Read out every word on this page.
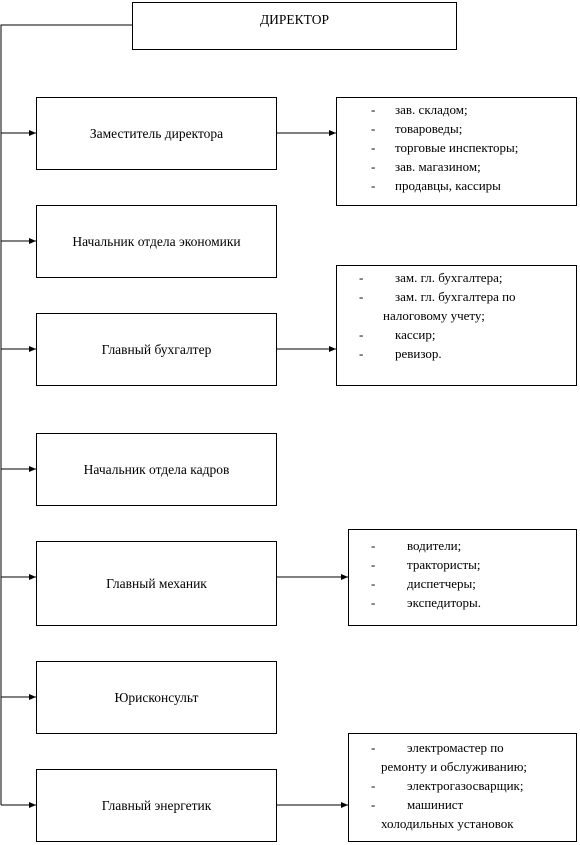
ДИРЕКТОР
Заместитель директора
Начальник отдела экономики
Главный бухгалтер
Начальник отдела кадров
Главный механик
Юрисконсульт
Главный энергетик
- зав. складом;

- товароведы;

- торговые инспекторы;

- зав. магазином;

- продавцы, кассиры

- зам. гл. бухгалтера;

- зам. гл. бухгалтера по

налоговому учету;

- кассир;

- ревизор.

- водители;

- трактористы;

- диспетчеры;

- экспедиторы.

- электромастер по

ремонту и обслуживанию;

- электрогазосварщик;

- машинист

холодильных установок
